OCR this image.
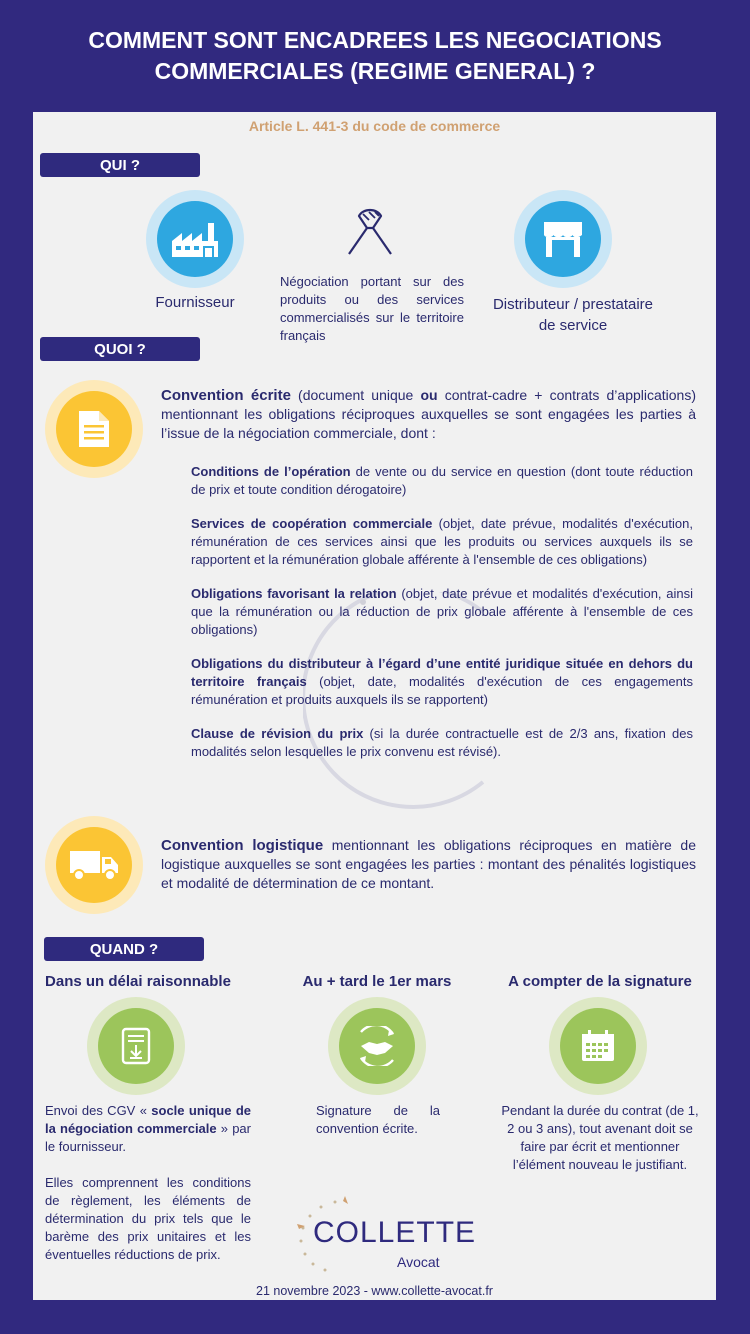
COMMENT SONT ENCADREES LES NEGOCIATIONS
COMMERCIALES (REGIME GENERAL) ?
Article L. 441-3 du code de commerce
QUI ?
Fournisseur
Négociation portant sur des produits ou des services commercialisés sur le territoire français
Distributeur / prestataire
de service
QUOI ?
Convention écrite (document unique ou contrat-cadre + contrats d’applications) mentionnant les obligations réciproques auxquelles se sont engagées les parties à l’issue de la négociation commerciale, dont :
Conditions de l’opération de vente ou du service en question (dont toute réduction de prix et toute condition dérogatoire)
Services de coopération commerciale (objet, date prévue, modalités d'exécution, rémunération de ces services ainsi que les produits ou services auxquels ils se rapportent et la rémunération globale afférente à l'ensemble de ces obligations)
Obligations favorisant la relation (objet, date prévue et modalités d'exécution, ainsi que la rémunération ou la réduction de prix globale afférente à l'ensemble de ces obligations)
Obligations du distributeur à l’égard d’une entité juridique située en dehors du territoire français (objet, date, modalités d'exécution de ces engagements rémunération et produits auxquels ils se rapportent)
Clause de révision du prix (si la durée contractuelle est de 2/3 ans, fixation des modalités selon lesquelles le prix convenu est révisé).
Convention logistique mentionnant les obligations réciproques en matière de logistique auxquelles se sont engagées les parties : montant des pénalités logistiques et modalité de détermination de ce montant.
QUAND ?
Dans un délai raisonnable	Au + tard le 1er mars	A compter de la signature
Envoi des CGV « socle unique de la négociation commerciale » par le fournisseur.
Elles comprennent les conditions de règlement, les éléments de détermination du prix tels que le barème des prix unitaires et les éventuelles réductions de prix.
Signature de la convention écrite.
Pendant la durée du contrat (de 1, 2 ou 3 ans), tout avenant doit se faire par écrit et mentionner l’élément nouveau le justifiant.
COLLETTE
Avocat
21 novembre 2023 - www.collette-avocat.fr
